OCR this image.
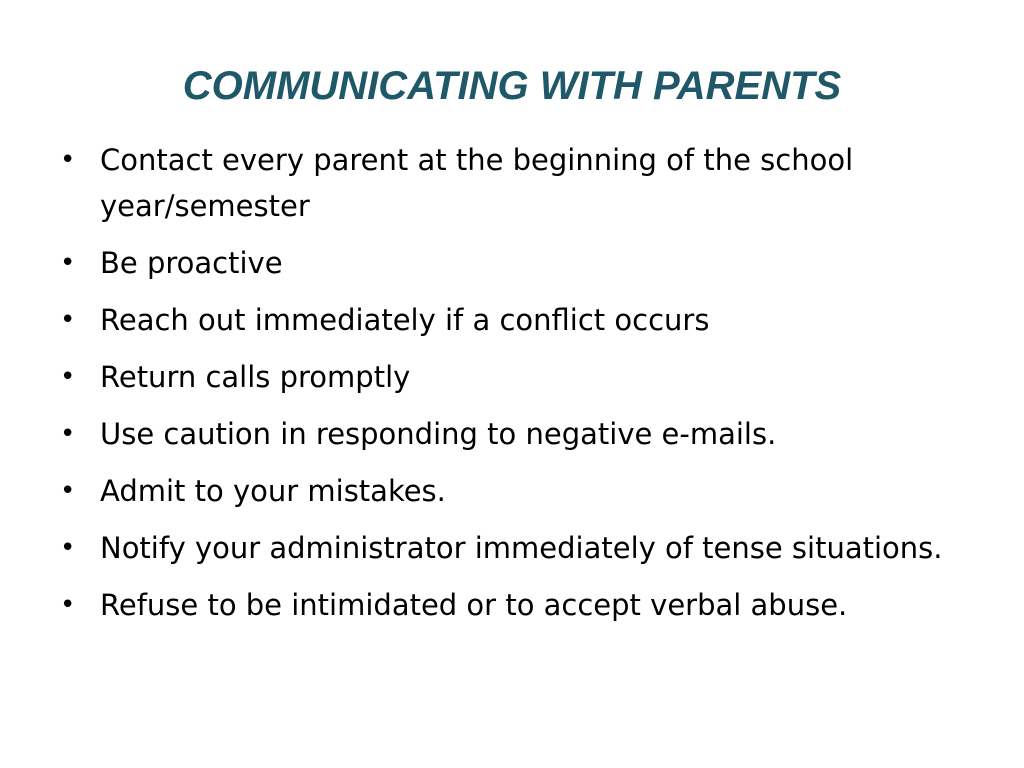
COMMUNICATING WITH PARENTS
• Contact every parent at the beginning of the school year/semester
• Be proactive
• Reach out immediately if a conflict occurs
• Return calls promptly
• Use caution in responding to negative e-mails.
• Admit to your mistakes.
• Notify your administrator immediately of tense situations.
• Refuse to be intimidated or to accept verbal abuse.
